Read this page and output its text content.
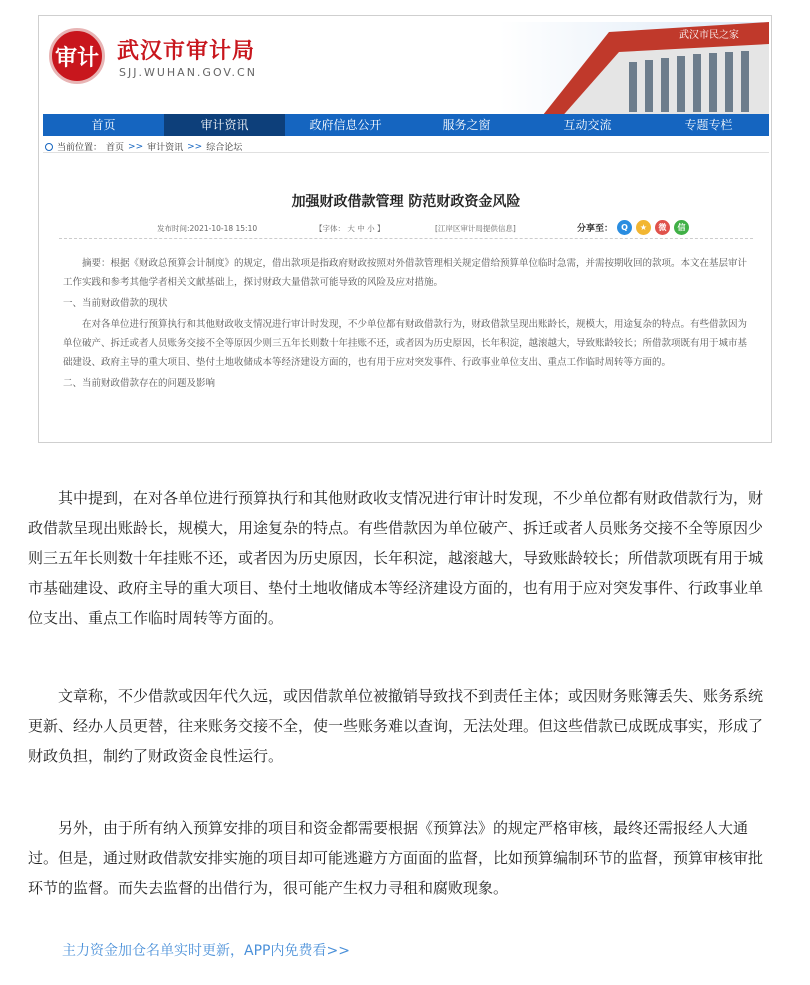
审计 武汉市审计局
SJJ.WUHAN.GOV.CN
武汉市民之家
首页	审计资讯	政府信息公开	服务之窗	互动交流	专题专栏
当前位置： 首页 >> 审计资讯 >> 综合论坛
加强财政借款管理 防范财政资金风险
发布时间:2021-10-18 15:10	【字体： 大 中 小 】	[江岸区审计局提供信息]	分享至：	Q	★	微	信

摘要：根据《财政总预算会计制度》的规定，借出款项是指政府财政按照对外借款管理相关规定借给预算单位临时急需，并需按期收回的款项。本文在基层审计工作实践和参考其他学者相关文献基础上，探讨财政大量借款可能导致的风险及应对措施。

一、当前财政借款的现状

在对各单位进行预算执行和其他财政收支情况进行审计时发现，不少单位都有财政借款行为，财政借款呈现出账龄长，规模大，用途复杂的特点。有些借款因为单位破产、拆迁或者人员账务交接不全等原因少则三五年长则数十年挂账不还，或者因为历史原因，长年积淀，越滚越大，导致账龄较长；所借款项既有用于城市基础建设、政府主导的重大项目、垫付土地收储成本等经济建设方面的，也有用于应对突发事件、行政事业单位支出、重点工作临时周转等方面的。

二、当前财政借款存在的问题及影响

其中提到，在对各单位进行预算执行和其他财政收支情况进行审计时发现，不少单位都有财政借款行为，财政借款呈现出账龄长，规模大，用途复杂的特点。有些借款因为单位破产、拆迁或者人员账务交接不全等原因少则三五年长则数十年挂账不还，或者因为历史原因，长年积淀，越滚越大，导致账龄较长；所借款项既有用于城市基础建设、政府主导的重大项目、垫付土地收储成本等经济建设方面的，也有用于应对突发事件、行政事业单位支出、重点工作临时周转等方面的。

文章称，不少借款或因年代久远，或因借款单位被撤销导致找不到责任主体；或因财务账簿丢失、账务系统更新、经办人员更替，往来账务交接不全，使一些账务难以查询，无法处理。但这些借款已成既成事实，形成了财政负担，制约了财政资金良性运行。

另外，由于所有纳入预算安排的项目和资金都需要根据《预算法》的规定严格审核，最终还需报经人大通过。但是，通过财政借款安排实施的项目却可能逃避方方面面的监督，比如预算编制环节的监督，预算审核审批环节的监督。而失去监督的出借行为，很可能产生权力寻租和腐败现象。

主力资金加仓名单实时更新，APP内免费看>>
